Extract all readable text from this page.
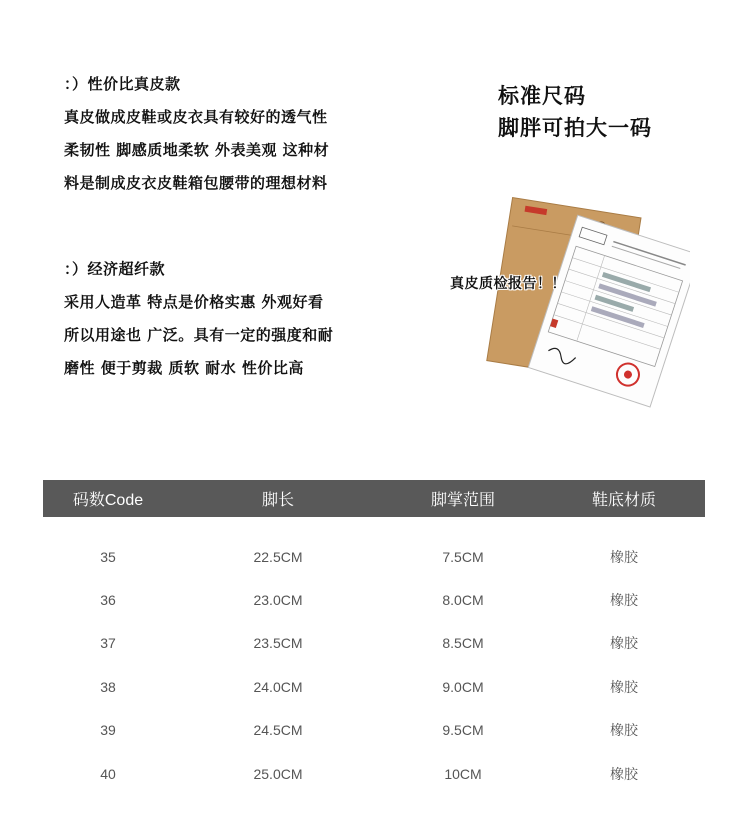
：）性价比真皮款
真皮做成皮鞋或皮衣具有较好的透气性
柔韧性 脚感质地柔软 外表美观 这种材
料是制成皮衣皮鞋箱包腰带的理想材料
：）经济超纤款
采用人造革 特点是价格实惠 外观好看
所以用途也 广泛。具有一定的强度和耐
磨性 便于剪裁 质软 耐水 性价比高
标准尺码
脚胖可拍大一码
真皮质检报告！！
码数Code	脚长	脚掌范围	鞋底材质
35	22.5CM	7.5CM	橡胶
36	23.0CM	8.0CM	橡胶
37	23.5CM	8.5CM	橡胶
38	24.0CM	9.0CM	橡胶
39	24.5CM	9.5CM	橡胶
40	25.0CM	10CM	橡胶
